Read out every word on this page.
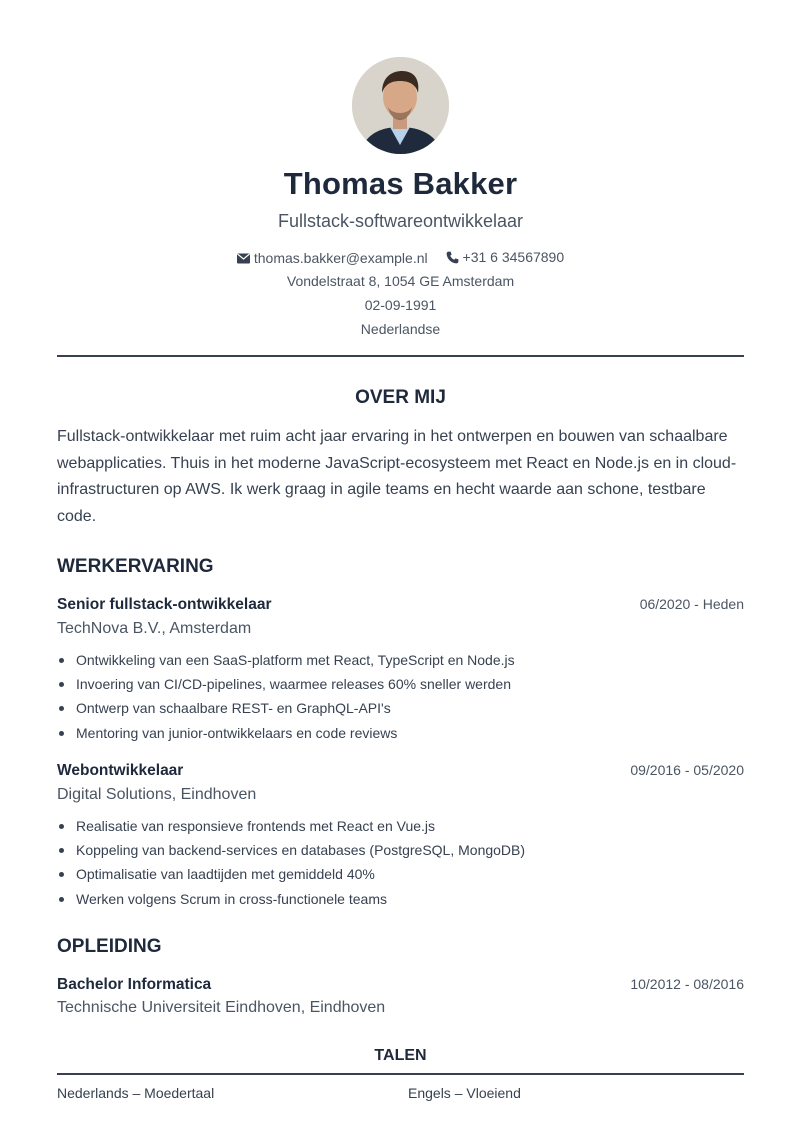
Thomas Bakker
Fullstack-softwareontwikkelaar
thomas.bakker@example.nl
+31 6 34567890
Vondelstraat 8, 1054 GE Amsterdam
02-09-1991
Nederlandse
OVER MIJ

Fullstack-ontwikkelaar met ruim acht jaar ervaring in het ontwerpen en bouwen van schaalbare webapplicaties. Thuis in het moderne JavaScript-ecosysteem met React en Node.js en in cloud-infrastructuren op AWS. Ik werk graag in agile teams en hecht waarde aan schone, testbare code.

WERKERVARING
Senior fullstack-ontwikkelaar	06/2020 - Heden
TechNova B.V., Amsterdam
Ontwikkeling van een SaaS-platform met React, TypeScript en Node.js
Invoering van CI/CD-pipelines, waarmee releases 60% sneller werden
Ontwerp van schaalbare REST- en GraphQL-API's
Mentoring van junior-ontwikkelaars en code reviews
Webontwikkelaar	09/2016 - 05/2020
Digital Solutions, Eindhoven
Realisatie van responsieve frontends met React en Vue.js
Koppeling van backend-services en databases (PostgreSQL, MongoDB)
Optimalisatie van laadtijden met gemiddeld 40%
Werken volgens Scrum in cross-functionele teams
OPLEIDING
Bachelor Informatica	10/2012 - 08/2016
Technische Universiteit Eindhoven, Eindhoven
TALEN
Nederlands – Moedertaal	Engels – Vloeiend
